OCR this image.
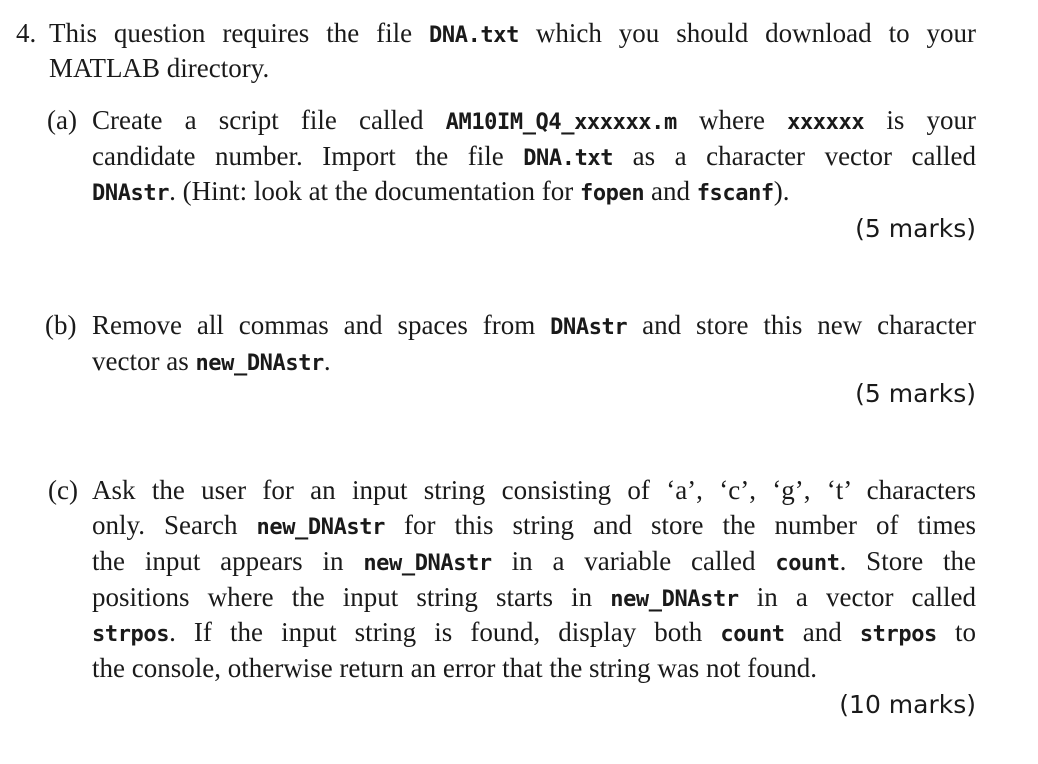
4. This question requires the file DNA.txt which you should download to your
MATLAB directory.
(a) Create a script file called AM10IM_Q4_xxxxxx.m where xxxxxx is your
candidate number. Import the file DNA.txt as a character vector called
DNAstr. (Hint: look at the documentation for fopen and fscanf).
(5 marks)
(b) Remove all commas and spaces from DNAstr and store this new character
vector as new_DNAstr.
(5 marks)
(c) Ask the user for an input string consisting of ‘a’, ‘c’, ‘g’, ‘t’ characters
only. Search new_DNAstr for this string and store the number of times
the input appears in new_DNAstr in a variable called count. Store the
positions where the input string starts in new_DNAstr in a vector called
strpos. If the input string is found, display both count and strpos to
the console, otherwise return an error that the string was not found.
(10 marks)
